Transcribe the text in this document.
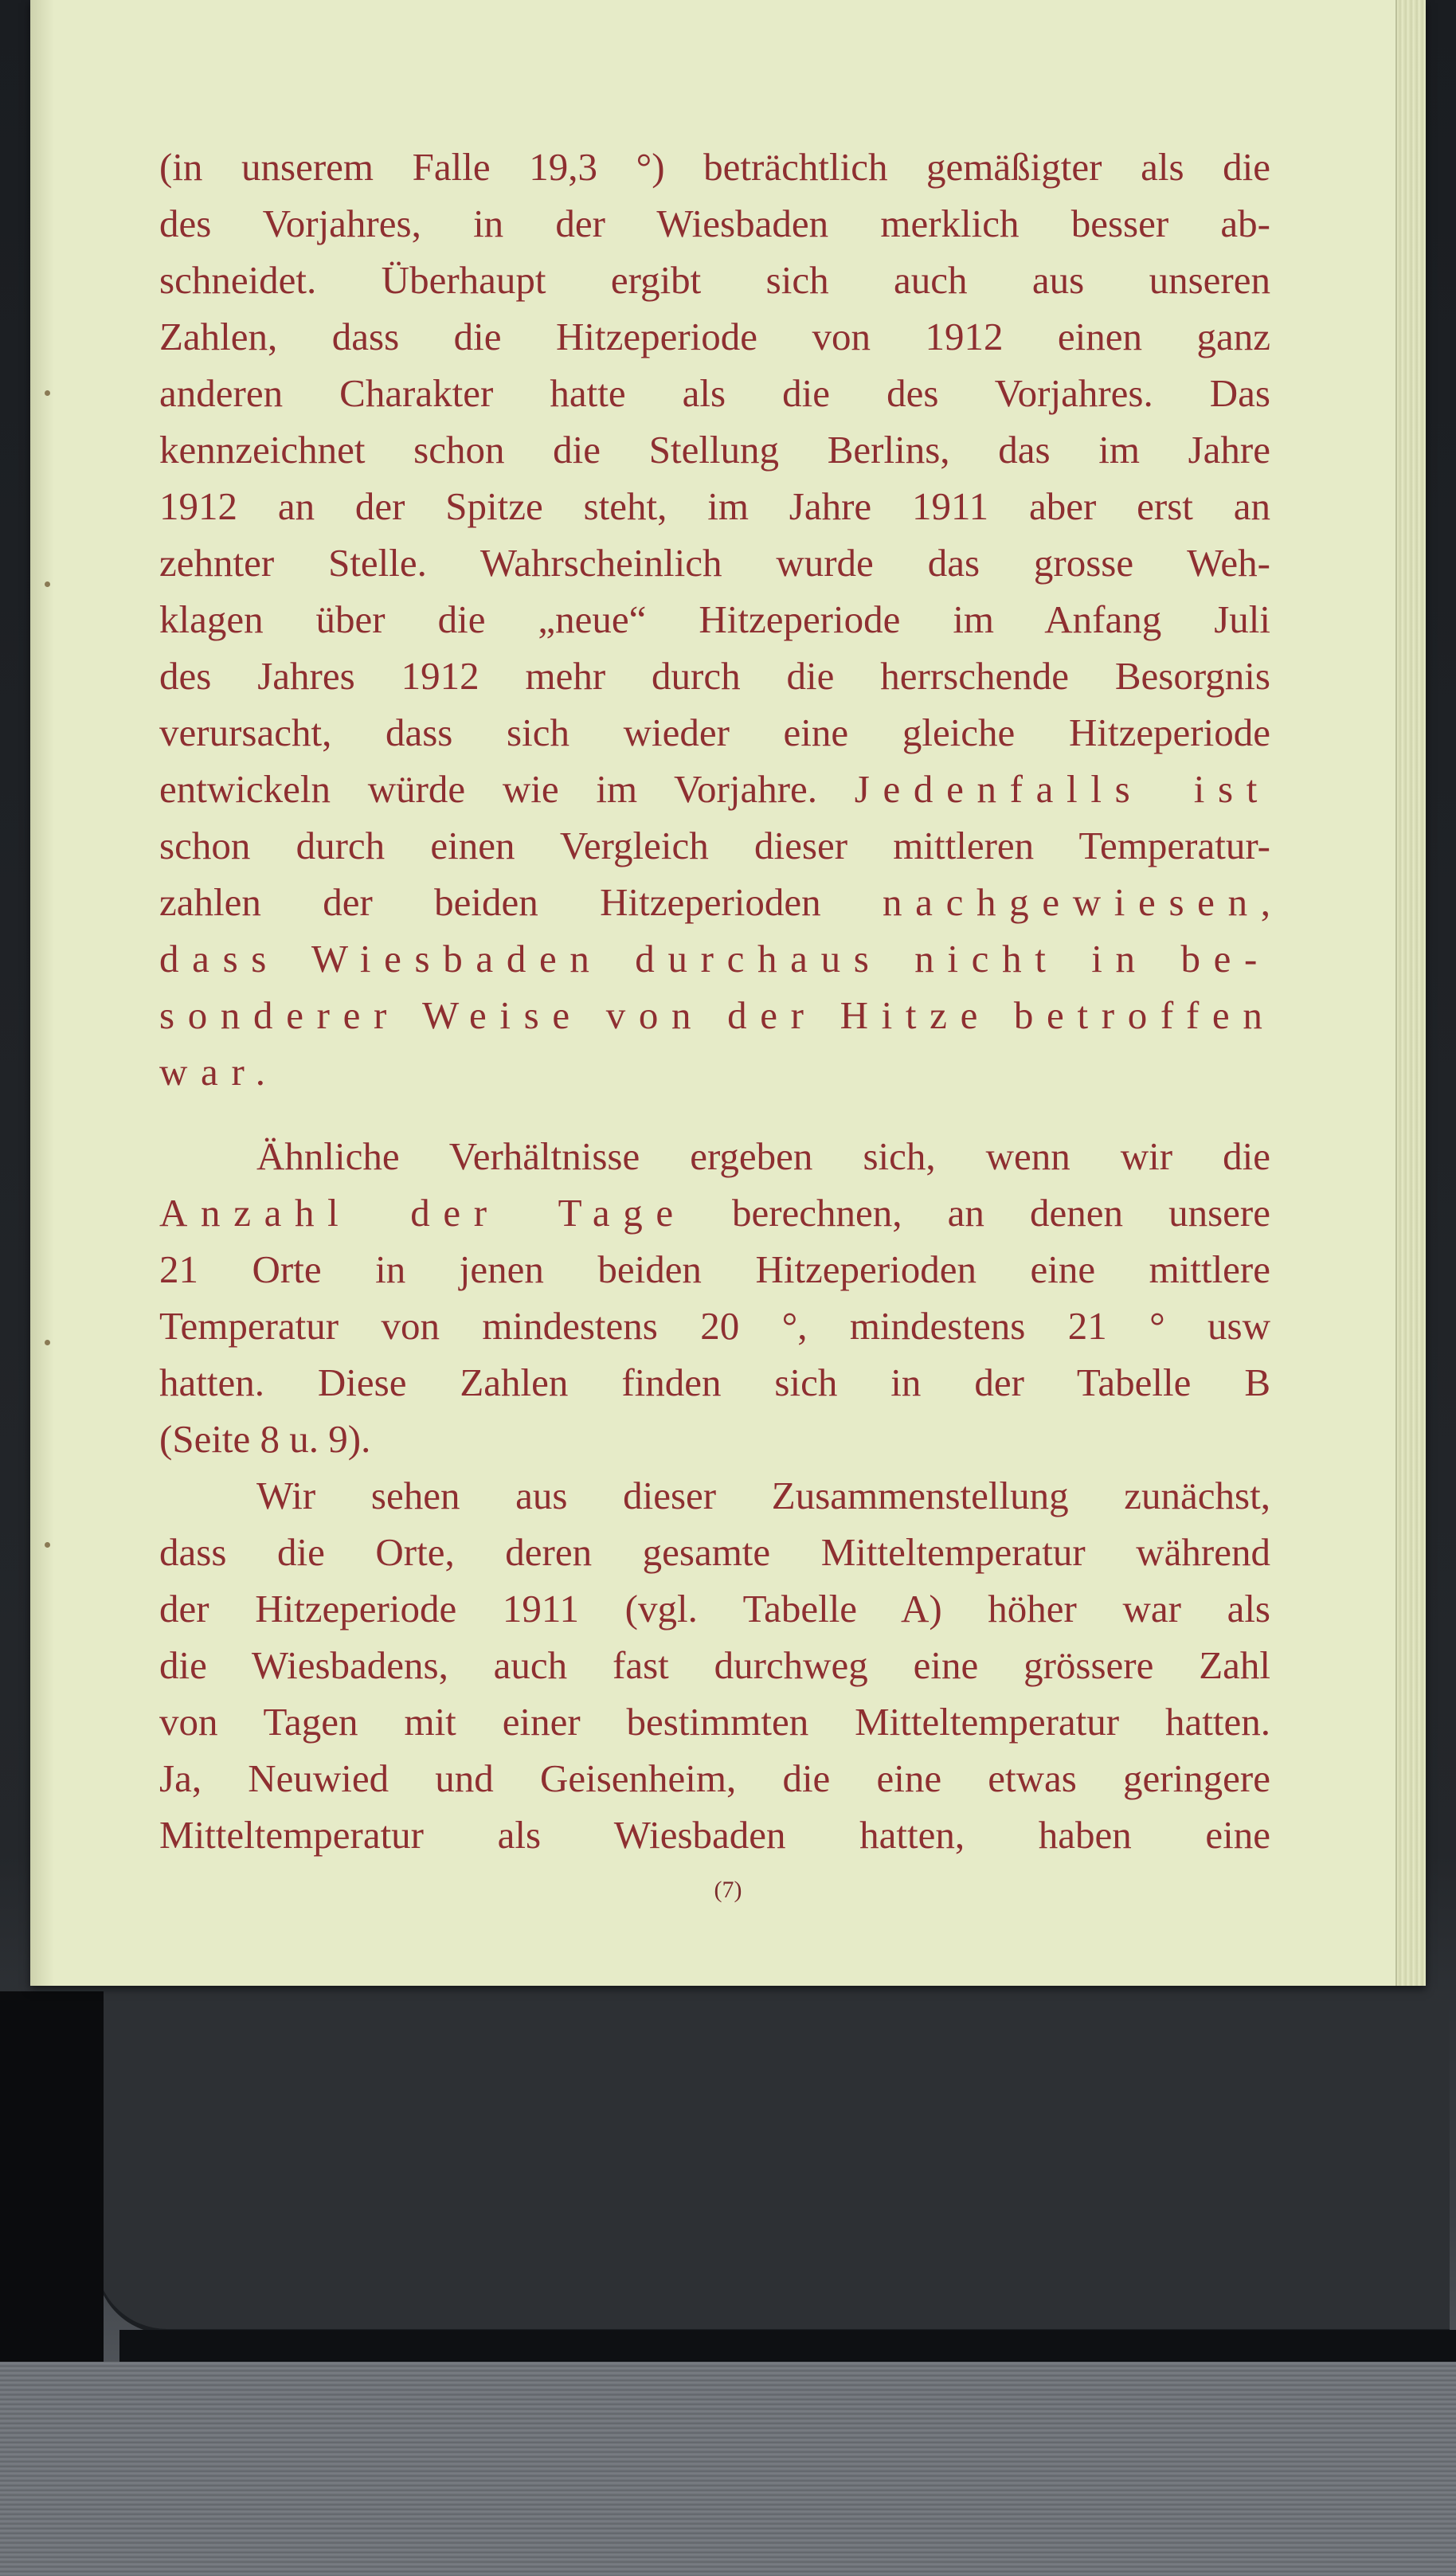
(in unserem Falle 19,3 °) beträchtlich gemäßigter als die
des Vorjahres, in der Wiesbaden merklich besser ab-
schneidet. Überhaupt ergibt sich auch aus unseren
Zahlen, dass die Hitzeperiode von 1912 einen ganz
anderen Charakter hatte als die des Vorjahres. Das
kennzeichnet schon die Stellung Berlins, das im Jahre
1912 an der Spitze steht, im Jahre 1911 aber erst an
zehnter Stelle. Wahrscheinlich wurde das grosse Weh-
klagen über die „neue“ Hitzeperiode im Anfang Juli
des Jahres 1912 mehr durch die herrschende Besorgnis
verursacht, dass sich wieder eine gleiche Hitzeperiode
entwickeln würde wie im Vorjahre. Jedenfalls ist
schon durch einen Vergleich dieser mittleren Temperatur-
zahlen der beiden Hitzeperioden nachgewiesen,
dass Wiesbaden durchaus nicht in be-
sonderer Weise von der Hitze betroffen
war.
Ähnliche Verhältnisse ergeben sich, wenn wir die
Anzahl der Tage berechnen, an denen unsere
21 Orte in jenen beiden Hitzeperioden eine mittlere
Temperatur von mindestens 20 °, mindestens 21 ° usw
hatten. Diese Zahlen finden sich in der Tabelle B
(Seite 8 u. 9).
Wir sehen aus dieser Zusammenstellung zunächst,
dass die Orte, deren gesamte Mitteltemperatur während
der Hitzeperiode 1911 (vgl. Tabelle A) höher war als
die Wiesbadens, auch fast durchweg eine grössere Zahl
von Tagen mit einer bestimmten Mitteltemperatur hatten.
Ja, Neuwied und Geisenheim, die eine etwas geringere
Mitteltemperatur als Wiesbaden hatten, haben eine
(7)
